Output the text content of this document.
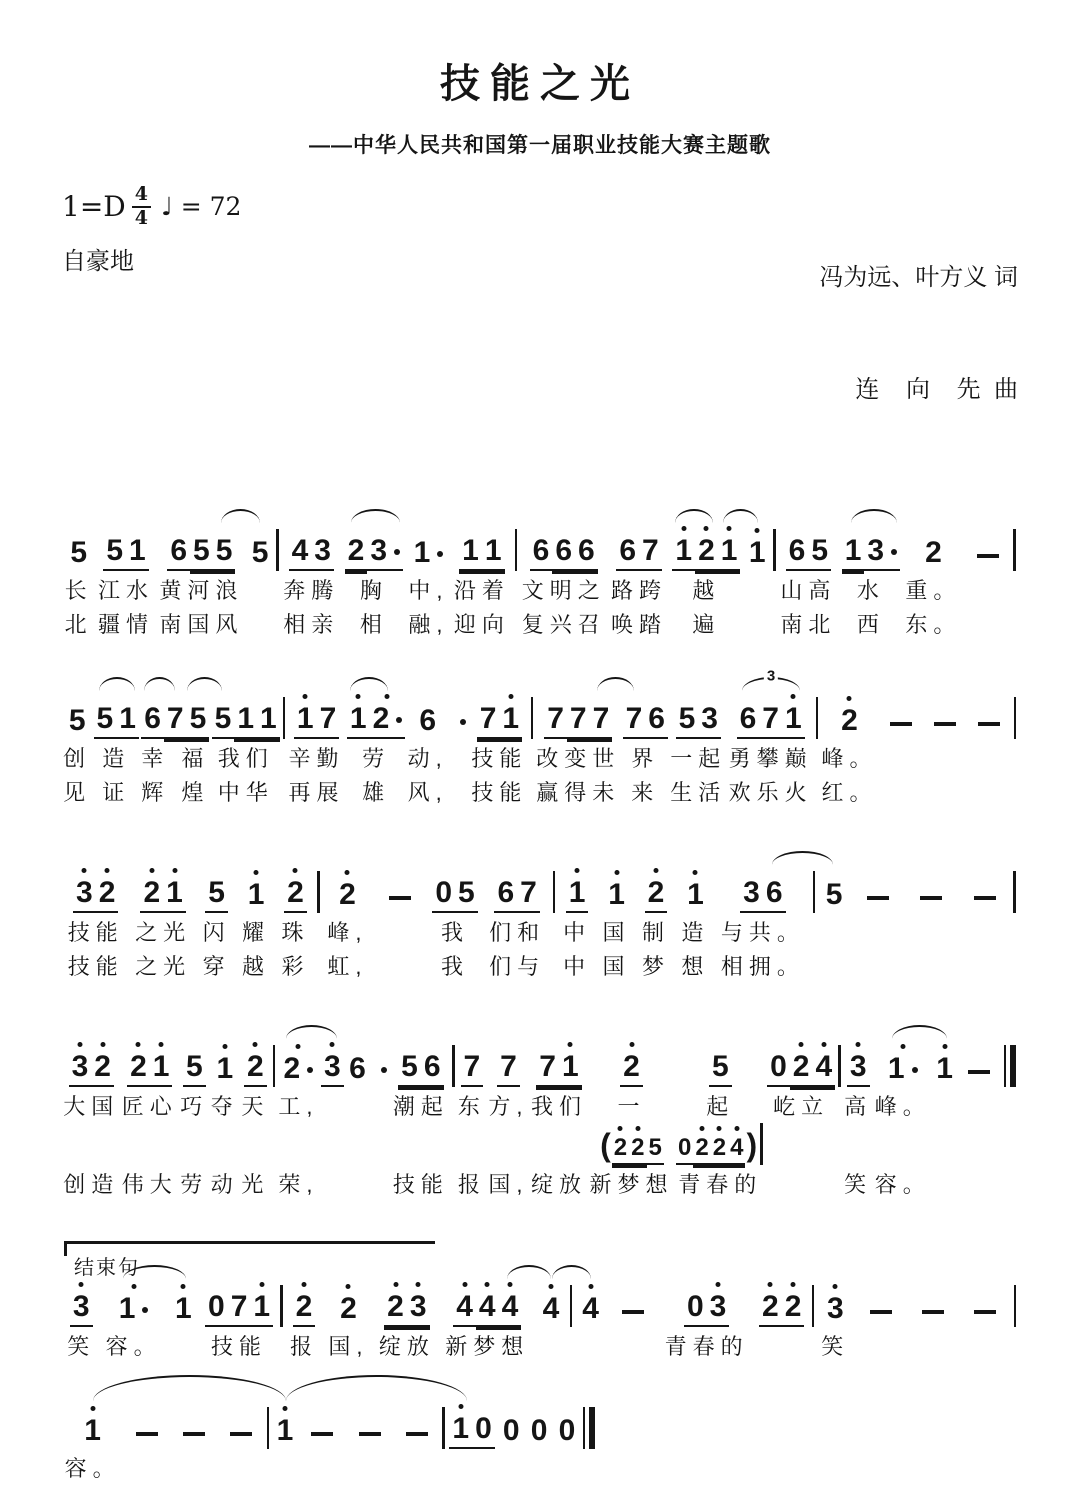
技能之光
——中华人民共和国第一届职业技能大赛主题歌
$1=D \frac{4}{4}$ ♩ = 72
自豪地

冯为远、叶方义 词

连    向    先  曲

5
长
北
5 1
江水
疆情
6 5 5
黄河浪
南国风
5 4 3
奔腾
相亲
2 3
胸
相
1
中,
融,
1 1
沿着
迎向
6 6 6
文明之
复兴召
6 7
路跨
唤踏
1 2 1
越
遍
1 6 5
山高
南北
1 3
水
西
2
重。
东。
5
创
见
5 1
造
证
6 7 5
幸 福
辉 煌
5 1 1
我们
中华
1 7
辛勤
再展
1 2
劳
雄
6
动,
风,
7 1
技能
技能
7 7 7
改变世
赢得未
7 6
界
来
5 3
一起
生活
6 7 1
勇攀巅
欢乐火
2
峰。
红。
3
3 2
技能
技能
2 1
之光
之光
5
闪
穿
1
耀
越
2
珠
彩
2
峰,
虹,
0 5
我
我
6 7
们和
们与
1
中
中
1
国
国
2
制
梦
1
造
想
3 6
与共。
相拥。
5
3 2
大国
创造
2 1
匠心
伟大
5
巧
劳
1
夺
动
2
天
光
2
工,
荣,
3 6 5 6
潮起
技能
7
东
报
7
方,
国,
7 1
我们
绽放
2
一
( 2 2 5
新梦想
5
起
0 2 2 4 )
青春的
0 2 4
屹立
3
高
笑
1
峰。
容。
1
结束句
3
笑
1
容。
1 0 7 1
技能
2
报
2
国,
2 3
绽放
4 4 4
新梦想
4 4	0 3
青春的
2 2 3
笑
1
容。
1	1 0 0 0 0
